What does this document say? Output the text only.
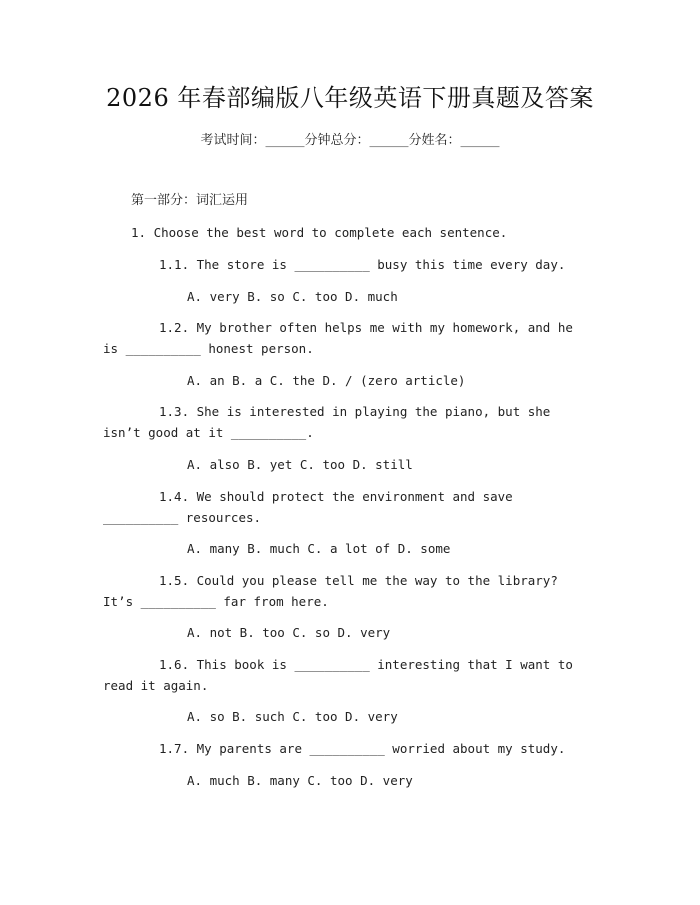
2026 年春部编版八年级英语下册真题及答案
考试时间：______分钟总分：______分姓名：______
第一部分：词汇运用
1. Choose the best word to complete each sentence.
1.1. The store is __________ busy this time every day.
A. very B. so C. too D. much
1.2. My brother often helps me with my homework, and he is __________ honest person.
A. an B. a C. the D. / (zero article)
1.3. She is interested in playing the piano, but she isn’t good at it __________.
A. also B. yet C. too D. still
1.4. We should protect the environment and save __________ resources.
A. many B. much C. a lot of D. some
1.5. Could you please tell me the way to the library? It’s __________ far from here.
A. not B. too C. so D. very
1.6. This book is __________ interesting that I want to read it again.
A. so B. such C. too D. very
1.7. My parents are __________ worried about my study.
A. much B. many C. too D. very
